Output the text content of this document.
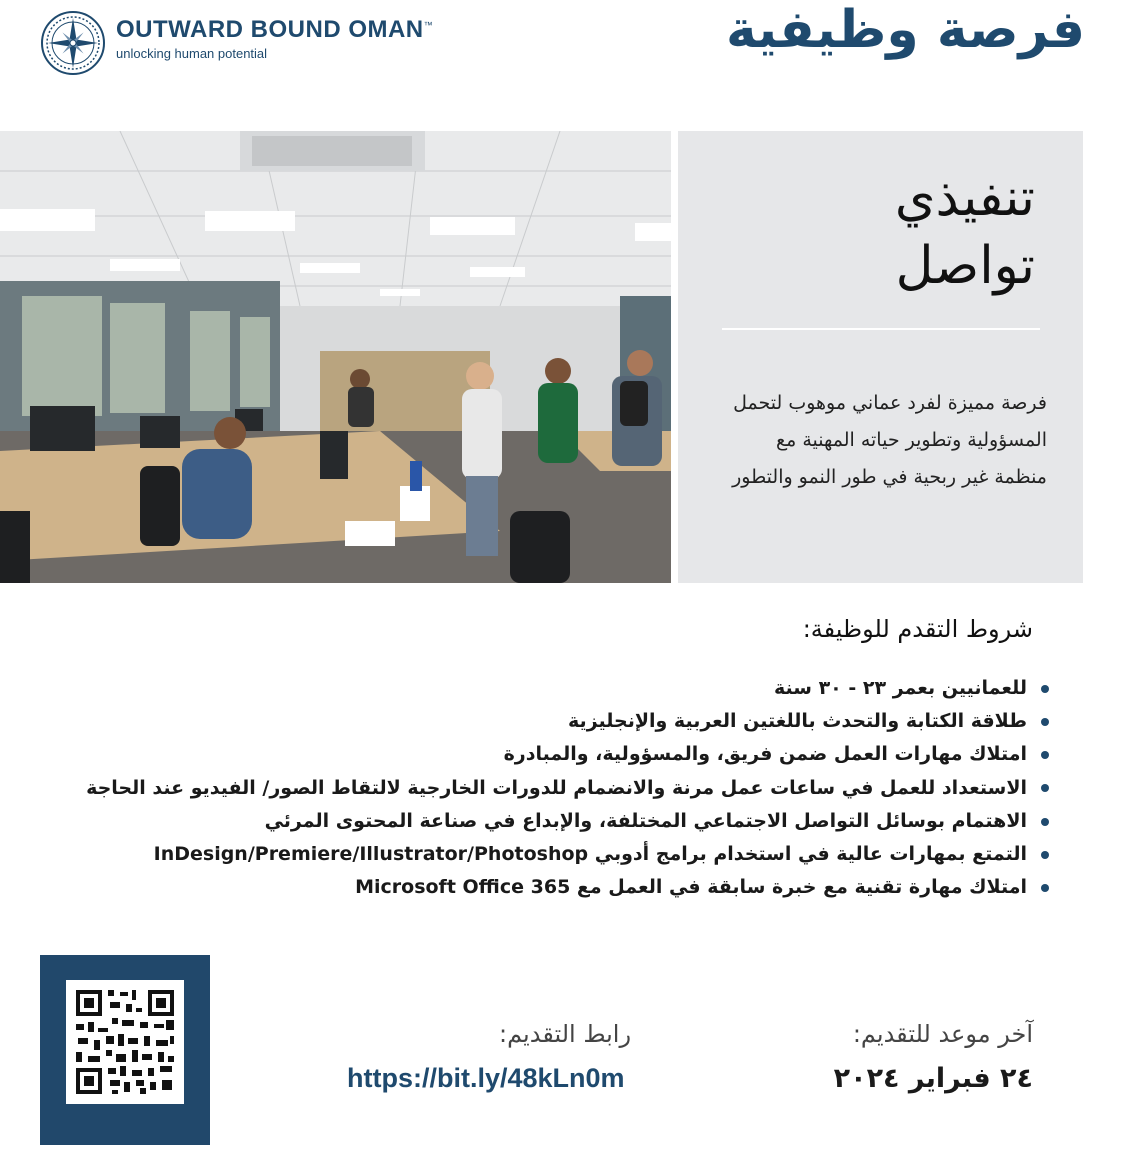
OUTWARD BOUND OMAN™
unlocking human potential	فرصة وظيفية
تنفيذي
تواصل
فرصة مميزة لفرد عماني موهوب لتحمل المسؤولية وتطوير حياته المهنية مع منظمة غير ربحية في طور النمو والتطور
شروط التقدم للوظيفة:
للعمانيين بعمر ٢٣ - ٣٠ سنة
طلاقة الكتابة والتحدث باللغتين العربية والإنجليزية
امتلاك مهارات العمل ضمن فريق، والمسؤولية، والمبادرة
الاستعداد للعمل في ساعات عمل مرنة والانضمام للدورات الخارجية لالتقاط الصور/ الفيديو عند الحاجة
الاهتمام بوسائل التواصل الاجتماعي المختلفة، والإبداع في صناعة المحتوى المرئي
التمتع بمهارات عالية في استخدام برامج أدوبي InDesign/Premiere/Illustrator/Photoshop
امتلاك مهارة تقنية مع خبرة سابقة في العمل مع Microsoft Office 365
رابط التقديم:
https://bit.ly/48kLn0m
آخر موعد للتقديم:
٢٤ فبراير ٢٠٢٤
